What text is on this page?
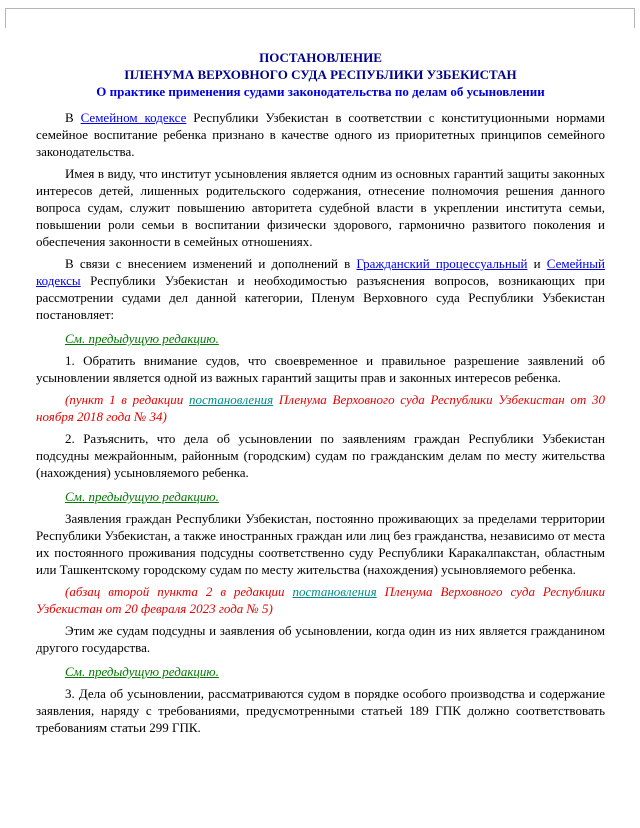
ПОСТАНОВЛЕНИЕ

ПЛЕНУМА ВЕРХОВНОГО СУДА РЕСПУБЛИКИ УЗБЕКИСТАН

О практике применения судами законодательства по делам об усыновлении

В Семейном кодексе Республики Узбекистан в соответствии с конституционными нормами семейное воспитание ребенка признано в качестве одного из приоритетных принципов семейного законодательства.

Имея в виду, что институт усыновления является одним из основных гарантий защиты законных интересов детей, лишенных родительского содержания, отнесение полномочия решения данного вопроса судам, служит повышению авторитета судебной власти в укреплении института семьи, повышении роли семьи в воспитании физически здорового, гармонично развитого поколения и обеспечения законности в семейных отношениях.

В связи с внесением изменений и дополнений в Гражданский процессуальный и Семейный кодексы Республики Узбекистан и необходимостью разъяснения вопросов, возникающих при рассмотрении судами дел данной категории, Пленум Верховного суда Республики Узбекистан постановляет:

См. предыдущую редакцию.

1. Обратить внимание судов, что своевременное и правильное разрешение заявлений об усыновлении является одной из важных гарантий защиты прав и законных интересов ребенка.

(пункт 1 в редакции постановления Пленума Верховного суда Республики Узбекистан от 30 ноября 2018 года № 34)

2. Разъяснить, что дела об усыновлении по заявлениям граждан Республики Узбекистан подсудны межрайонным, районным (городским) судам по гражданским делам по месту жительства (нахождения) усыновляемого ребенка.

См. предыдущую редакцию.

Заявления граждан Республики Узбекистан, постоянно проживающих за пределами территории Республики Узбекистан, а также иностранных граждан или лиц без гражданства, независимо от места их постоянного проживания подсудны соответственно суду Республики Каракалпакстан, областным или Ташкентскому городскому судам по месту жительства (нахождения) усыновляемого ребенка.

(абзац второй пункта 2 в редакции постановления Пленума Верховного суда Республики Узбекистан от 20 февраля 2023 года № 5)

Этим же судам подсудны и заявления об усыновлении, когда один из них является гражданином другого государства.

См. предыдущую редакцию.

3. Дела об усыновлении, рассматриваются судом в порядке особого производства и содержание заявления, наряду с требованиями, предусмотренными статьей 189 ГПК должно соответствовать требованиям статьи 299 ГПК.
